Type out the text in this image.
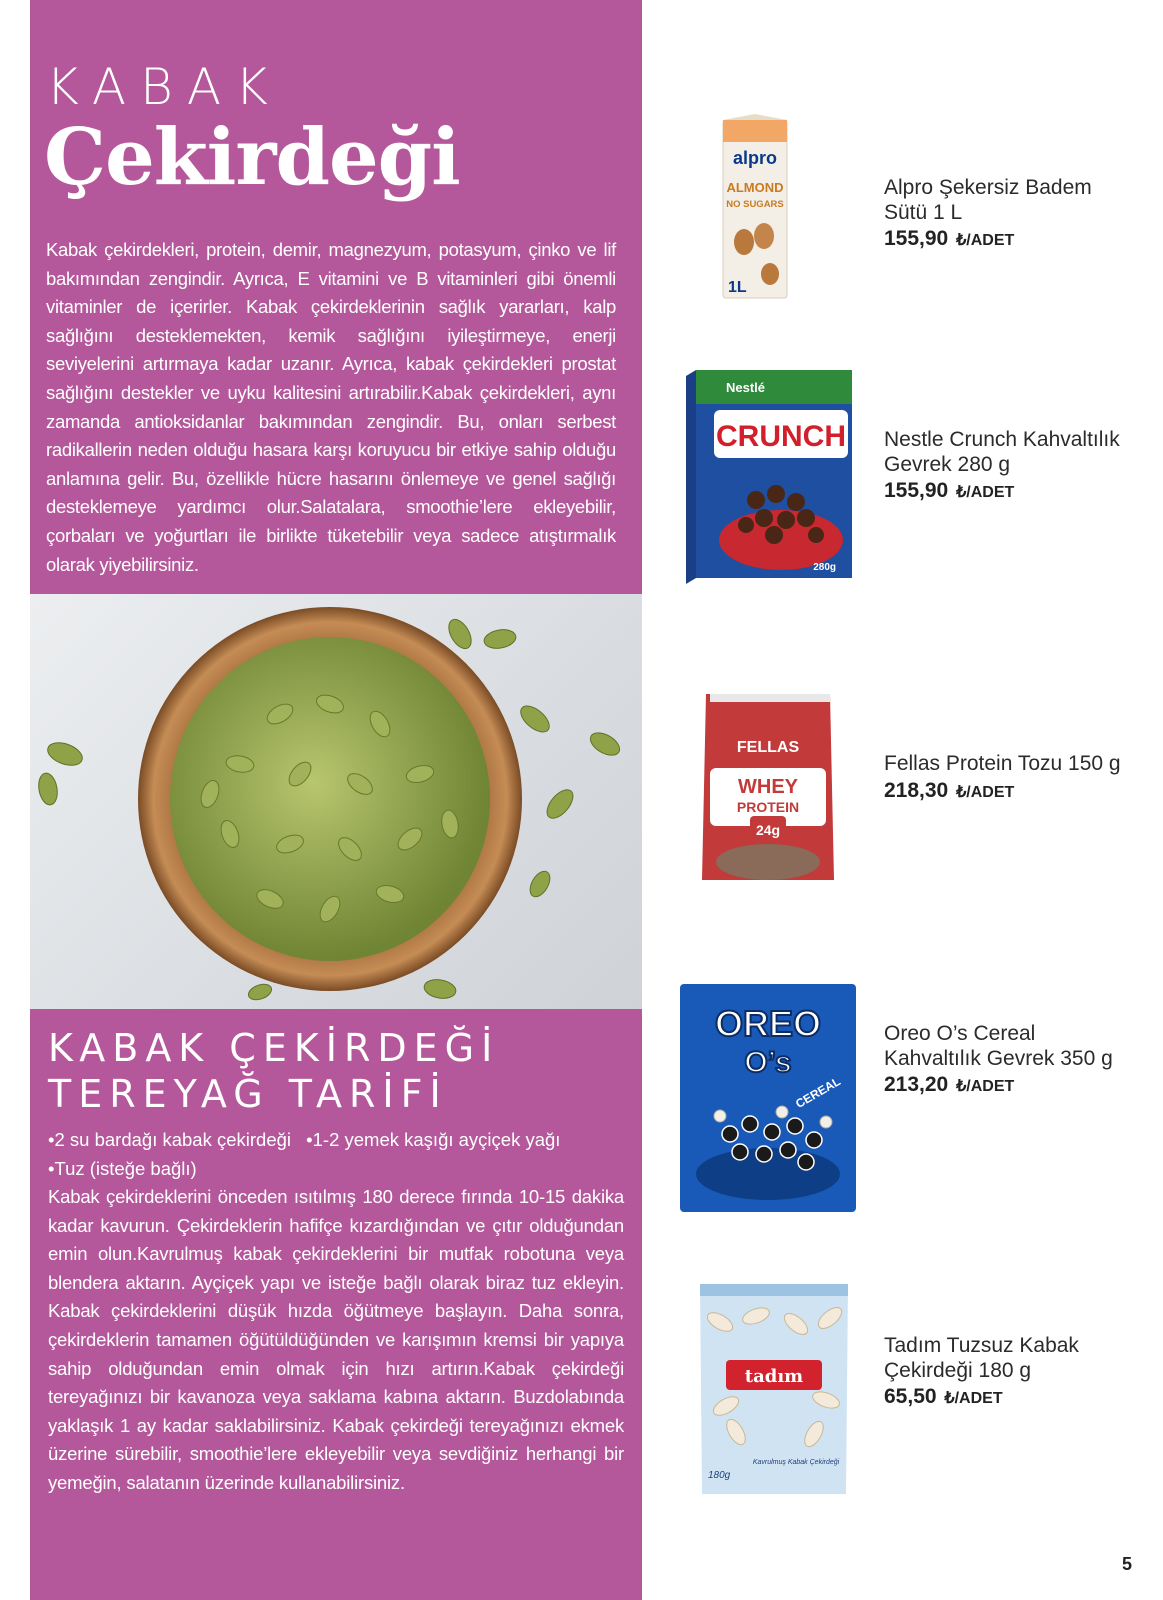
KABAK
Çekirdeği
Kabak çekirdekleri, protein, demir, magnezyum, potasyum, çinko ve lif bakımından zengindir. Ayrıca, E vitamini ve B vitaminleri gibi önemli vitaminler de içerirler. Kabak çekirdeklerinin sağlık yararları, kalp sağlığını desteklemekten, kemik sağlığını iyileştirmeye, enerji seviyelerini artırmaya kadar uzanır. Ayrıca, kabak çekirdekleri prostat sağlığını destekler ve uyku kalitesini artırabilir.Kabak çekirdekleri, aynı zamanda antioksidanlar bakımından zengindir. Bu, onları serbest radikallerin neden olduğu hasara karşı koruyucu bir etkiye sahip olduğu anlamına gelir. Bu, özellikle hücre hasarını önlemeye ve genel sağlığı desteklemeye yardımcı olur.Salatalara, smoothie’lere ekleyebilir, çorbaları ve yoğurtları ile birlikte tüketebilir veya sadece atıştırmalık olarak yiyebilirsiniz.
KABAK ÇEKİRDEĞİ
TEREYAĞ TARİFİ
•2 su bardağı kabak çekirdeği •1-2 yemek kaşığı ayçiçek yağı
•Tuz (isteğe bağlı)
Kabak çekirdeklerini önceden ısıtılmış 180 derece fırında 10-15 dakika kadar kavurun. Çekirdeklerin hafifçe kızardığından ve çıtır olduğundan emin olun.Kavrulmuş kabak çekirdeklerini bir mutfak robotuna veya blendera aktarın. Ayçiçek yapı ve isteğe bağlı olarak biraz tuz ekleyin. Kabak çekirdeklerini düşük hızda öğütmeye başlayın. Daha sonra, çekirdeklerin tamamen öğütüldüğünden ve karışımın kremsi bir yapıya sahip olduğundan emin olmak için hızı artırın.Kabak çekirdeği tereyağınızı bir kavanoza veya saklama kabına aktarın. Buzdolabında yaklaşık 1 ay kadar saklabilirsiniz. Kabak çekirdeği tereyağınızı ekmek üzerine sürebilir, smoothie’lere ekleyebilir veya sevdiğiniz herhangi bir yemeğin, salatanın üzerinde kullanabilirsiniz.
alpro
ALMOND
NO SUGARS
1L
Alpro Şekersiz Badem Sütü 1 L
155,90 ₺/ADET
Nestlé
CRUNCH
280g
Nestle Crunch Kahvaltılık Gevrek 280 g
155,90 ₺/ADET
FELLAS
WHEY
PROTEIN
24g
Fellas Protein Tozu 150 g
218,30 ₺/ADET
OREO
O’s
CEREAL
Oreo O’s Cereal Kahvaltılık Gevrek 350 g
213,20 ₺/ADET
tadım
Kavrulmuş Kabak Çekirdeği
180g
Tadım Tuzsuz Kabak Çekirdeği 180 g
65,50 ₺/ADET
5
